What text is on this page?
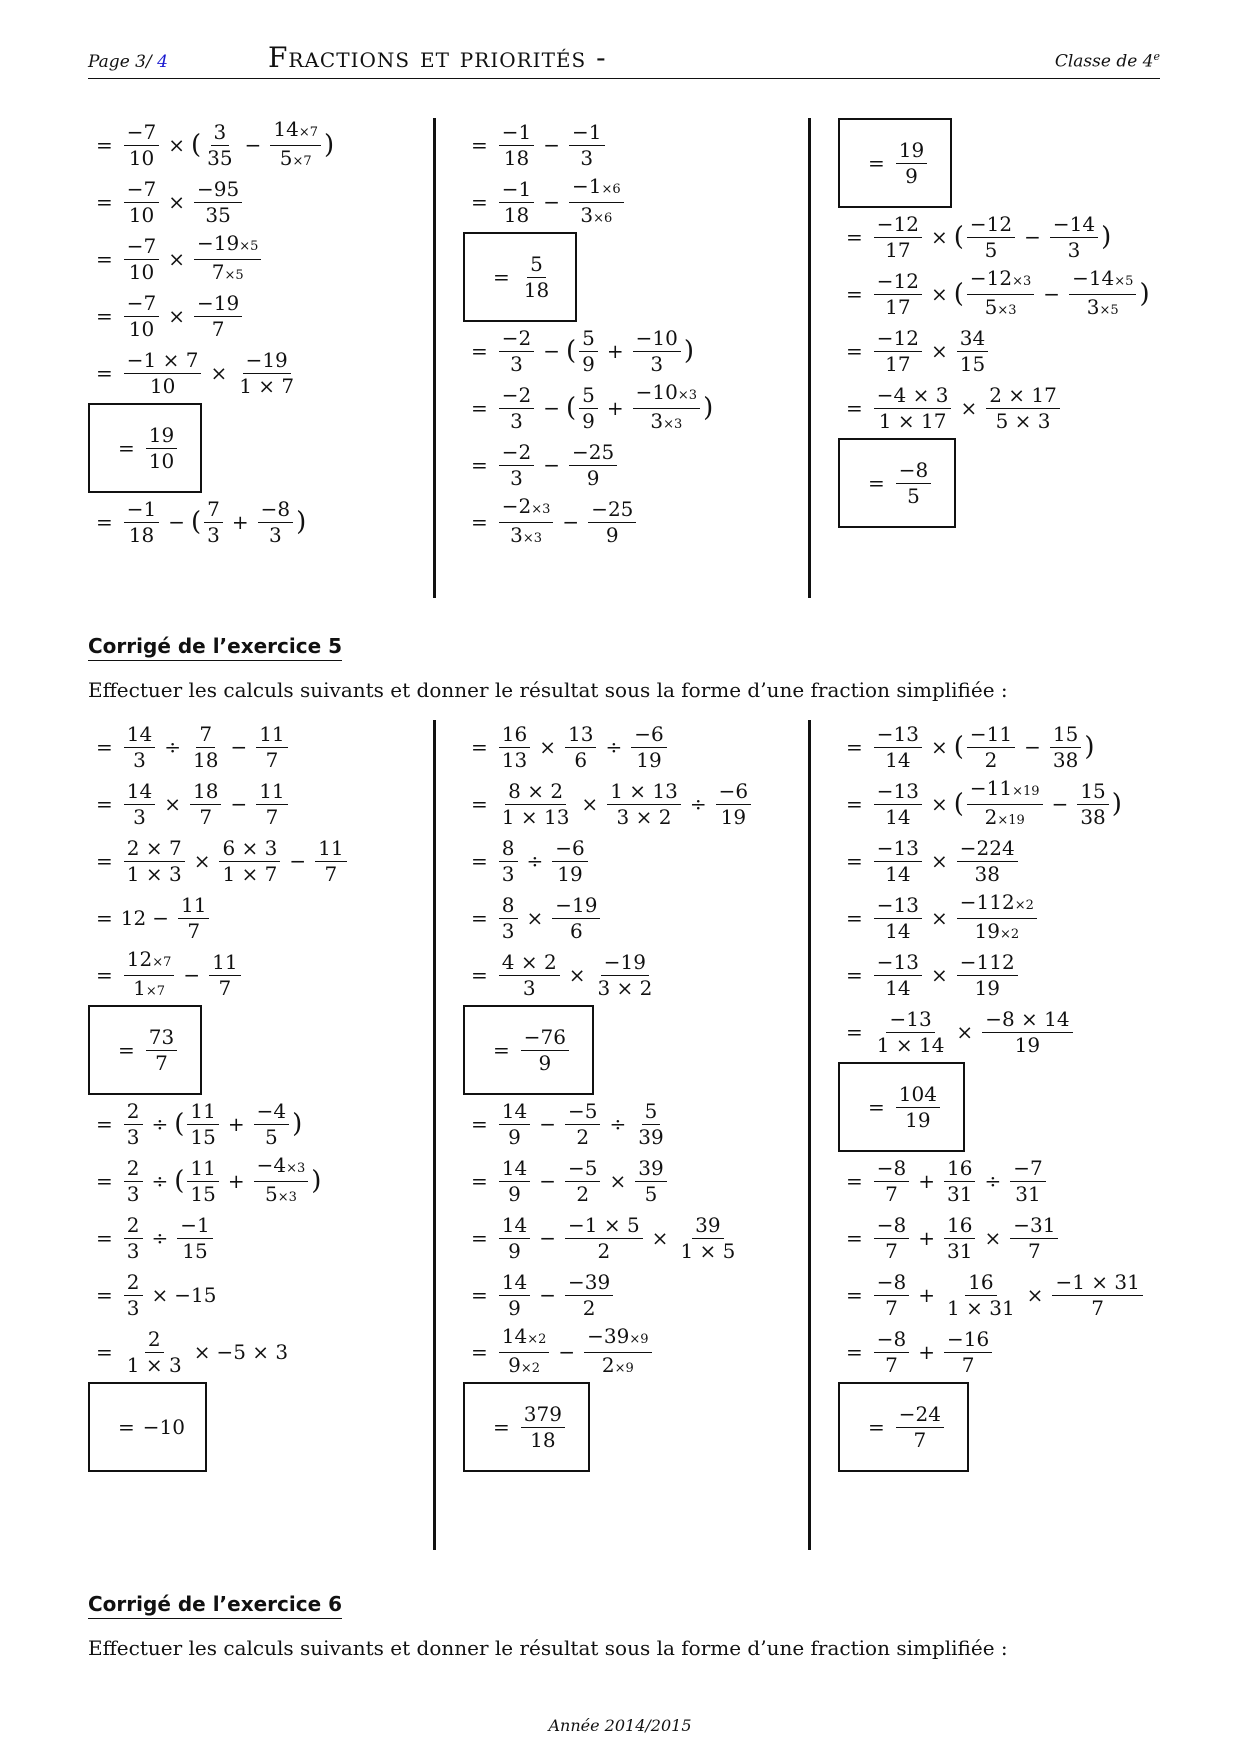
Page 3/ 4	Fractions et priorités -	Classe de $4^e$
= $\frac{-7}{10}$ × ( $\frac{3}{35} - \frac{14\times 7}{5\times 7}$ )
= $\frac{-7}{10} \times \frac{-95}{35}$
= $\frac{-7}{10} \times \frac{-19\times 5}{7\times 5}$
= $\frac{-7}{10} \times \frac{-19}{7}$
= $\frac{-1 \times 7}{10} \times \frac{-19}{1 \times 7}$
= $\frac{19}{10}$
= $\frac{-1}{18}$ − ( $\frac{7}{3} + \frac{-8}{3}$ )
= $\frac{-1}{18} - \frac{-1}{3}$
= $\frac{-1}{18} - \frac{-1\times 6}{3\times 6}$
= $\frac{5}{18}$
= $\frac{-2}{3}$ − ( $\frac{5}{9} + \frac{-10}{3}$ )
= $\frac{-2}{3}$ − ( $\frac{5}{9} + \frac{-10\times 3}{3\times 3}$ )
= $\frac{-2}{3} - \frac{-25}{9}$
= $\frac{-2\times 3}{3\times 3} - \frac{-25}{9}$
= $\frac{19}{9}$
= $\frac{-12}{17}$ × ( $\frac{-12}{5} - \frac{-14}{3}$ )
= $\frac{-12}{17}$ × ( $\frac{-12\times 3}{5\times 3} - \frac{-14\times 5}{3\times 5}$ )
= $\frac{-12}{17} \times \frac{34}{15}$
= $\frac{-4 \times 3}{1 \times 17} \times \frac{2 \times 17}{5 \times 3}$
= $\frac{-8}{5}$
Corrigé de l’exercice 5
Effectuer les calculs suivants et donner le résultat sous la forme d’une fraction simplifiée :
= $\frac{14}{3} \div \frac{7}{18} - \frac{11}{7}$
= $\frac{14}{3} \times \frac{18}{7} - \frac{11}{7}$
= $\frac{2 \times 7}{1 \times 3} \times \frac{6 \times 3}{1 \times 7} - \frac{11}{7}$
= $12 - \frac{11}{7}$
= $\frac{12\times 7}{1\times 7} - \frac{11}{7}$
= $\frac{73}{7}$
= $\frac{2}{3}$ ÷ ( $\frac{11}{15} + \frac{-4}{5}$ )
= $\frac{2}{3}$ ÷ ( $\frac{11}{15} + \frac{-4\times 3}{5\times 3}$ )
= $\frac{2}{3} \div \frac{-1}{15}$
= $\frac{2}{3} \times -15$
= $\frac{2}{1 \times 3} \times -5 \times 3$
= −10
= $\frac{16}{13} \times \frac{13}{6} \div \frac{-6}{19}$
= $\frac{8 \times 2}{1 \times 13} \times \frac{1 \times 13}{3 \times 2} \div \frac{-6}{19}$
= $\frac{8}{3} \div \frac{-6}{19}$
= $\frac{8}{3} \times \frac{-19}{6}$
= $\frac{4 \times 2}{3} \times \frac{-19}{3 \times 2}$
= $\frac{-76}{9}$
= $\frac{14}{9} - \frac{-5}{2} \div \frac{5}{39}$
= $\frac{14}{9} - \frac{-5}{2} \times \frac{39}{5}$
= $\frac{14}{9} - \frac{-1 \times 5}{2} \times \frac{39}{1 \times 5}$
= $\frac{14}{9} - \frac{-39}{2}$
= $\frac{14\times 2}{9\times 2} - \frac{-39\times 9}{2\times 9}$
= $\frac{379}{18}$
= $\frac{-13}{14}$ × ( $\frac{-11}{2} - \frac{15}{38}$ )
= $\frac{-13}{14}$ × ( $\frac{-11\times 19}{2\times 19} - \frac{15}{38}$ )
= $\frac{-13}{14} \times \frac{-224}{38}$
= $\frac{-13}{14} \times \frac{-112\times 2}{19\times 2}$
= $\frac{-13}{14} \times \frac{-112}{19}$
= $\frac{-13}{1 \times 14} \times \frac{-8 \times 14}{19}$
= $\frac{104}{19}$
= $\frac{-8}{7} + \frac{16}{31} \div \frac{-7}{31}$
= $\frac{-8}{7} + \frac{16}{31} \times \frac{-31}{7}$
= $\frac{-8}{7} + \frac{16}{1 \times 31} \times \frac{-1 \times 31}{7}$
= $\frac{-8}{7} + \frac{-16}{7}$
= $\frac{-24}{7}$
Corrigé de l’exercice 6
Effectuer les calculs suivants et donner le résultat sous la forme d’une fraction simplifiée :
Année 2014/2015
